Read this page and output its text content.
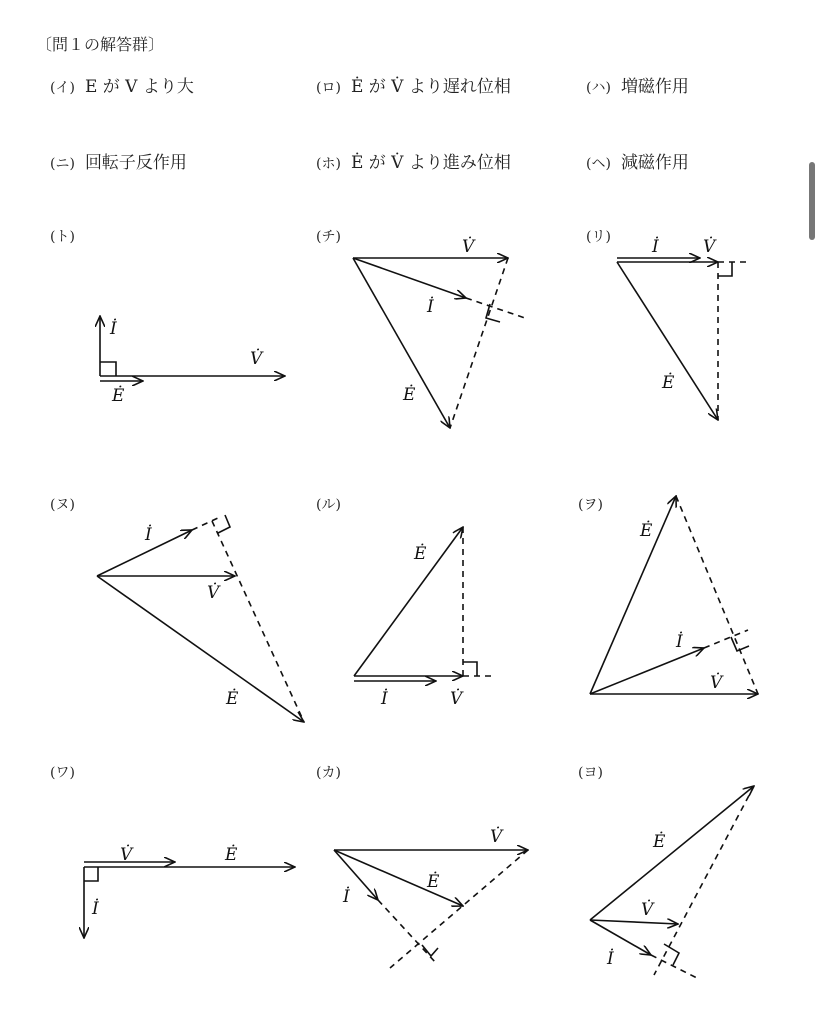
〔問１の解答群〕
(イ) E が V より大	(ロ) Ė が V̇ より遅れ位相	(ハ) 増磁作用
(ニ) 回転子反作用	(ホ) Ė が V̇ より進み位相	(ヘ) 減磁作用
(ト)	(チ)	(リ)
(ヌ)	(ル)	(ヲ)
(ワ)	(カ)	(ヨ)
V̇
İ
Ė
V̇
İ
Ė
İ	V̇
Ė
İ
V̇
Ė
Ė
V̇
İ
Ė
İ
V̇
V̇	Ė
İ
V̇
Ė
İ
Ė
V̇
İ
